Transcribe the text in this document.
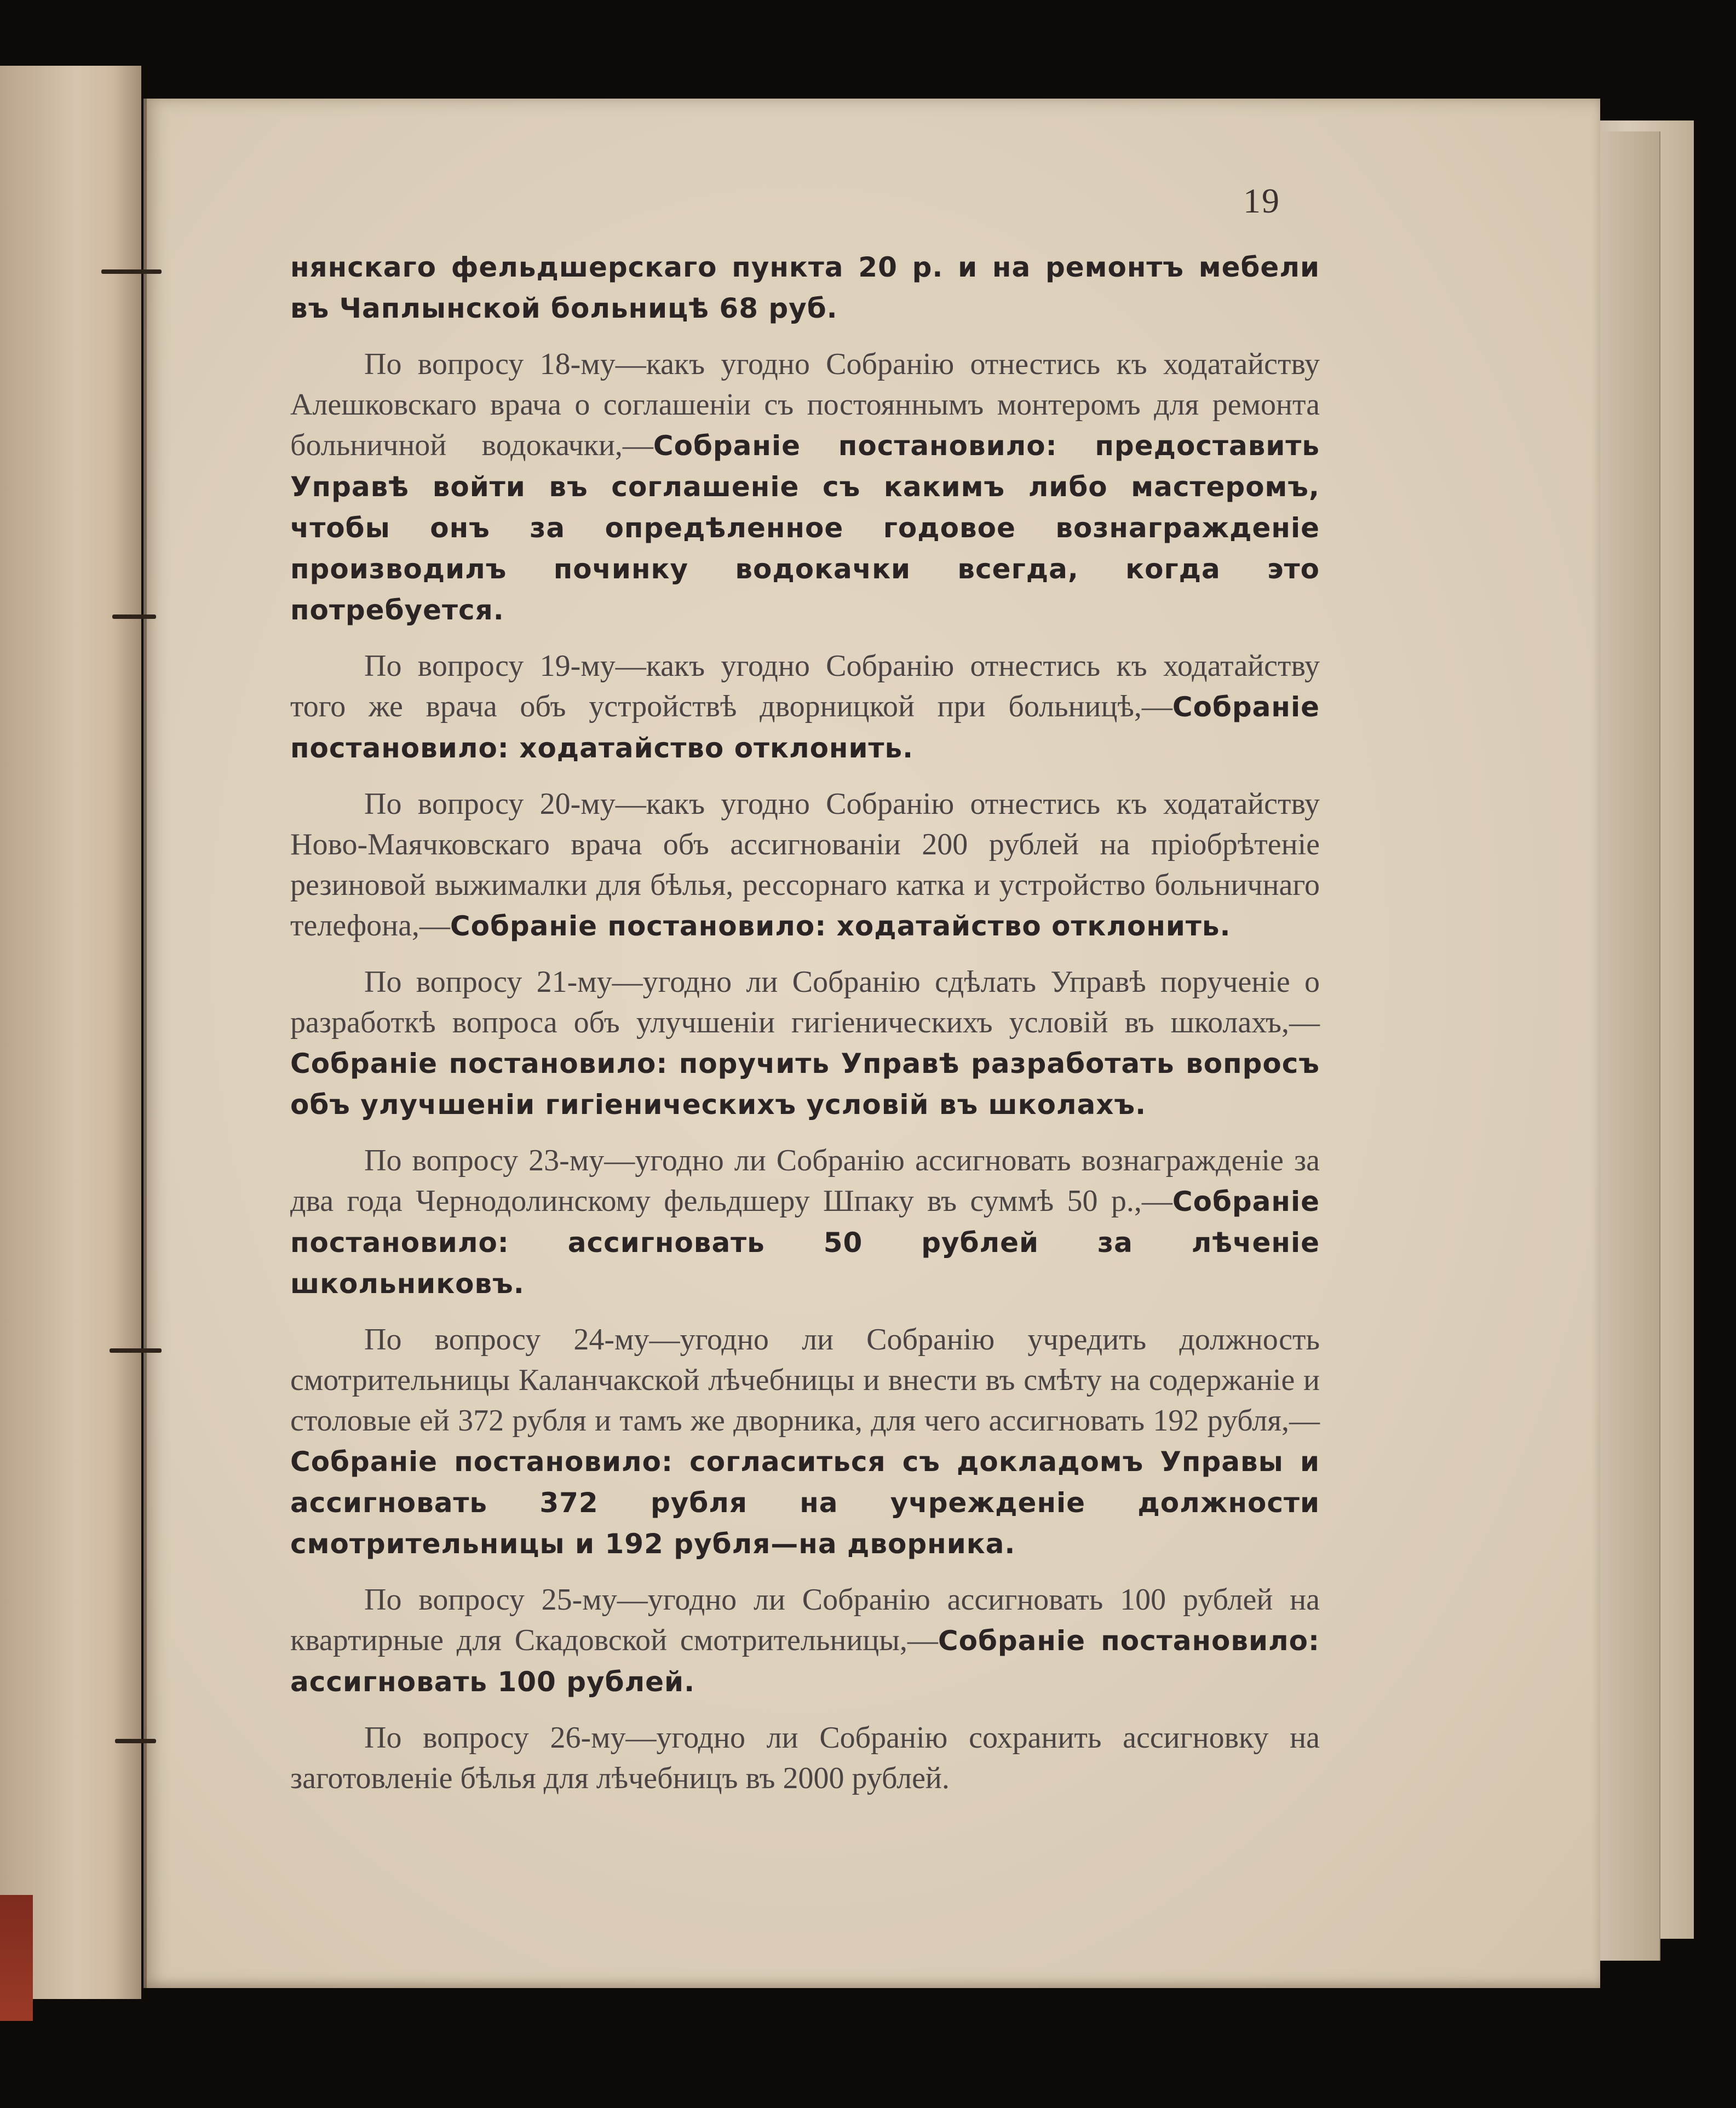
19

нянскаго фельдшерскаго пункта 20 р. и на ремонтъ мебели въ Чаплынской больницѣ 68 руб.

По вопросу 18-му—какъ угодно Собранію отнестись къ ходатайству Алешковскаго врача о соглашеніи съ постояннымъ монтеромъ для ремонта больничной водокачки,—Собраніе постановило: предоставить Управѣ войти въ соглашеніе съ какимъ либо мастеромъ, чтобы онъ за опредѣленное годовое вознагражденіе производилъ починку водокачки всегда, когда это потребуется.

По вопросу 19-му—какъ угодно Собранію отнестись къ ходатайству того же врача объ устройствѣ дворницкой при больницѣ,—Собраніе постановило: ходатайство отклонить.

По вопросу 20-му—какъ угодно Собранію отнестись къ ходатайству Ново-Маячковскаго врача объ ассигнованіи 200 рублей на пріобрѣтеніе резиновой выжималки для бѣлья, рессорнаго катка и устройство больничнаго телефона,—Собраніе постановило: ходатайство отклонить.

По вопросу 21-му—угодно ли Собранію сдѣлать Управѣ порученіе о разработкѣ вопроса объ улучшеніи гигіеническихъ условій въ школахъ,—Собраніе постановило: поручить Управѣ разработать вопросъ объ улучшеніи гигіеническихъ условій въ школахъ.

По вопросу 23-му—угодно ли Собранію ассигновать вознагражденіе за два года Чернодолинскому фельдшеру Шпаку въ суммѣ 50 р.,—Собраніе постановило: ассигновать 50 рублей за лѣченіе школьниковъ.

По вопросу 24-му—угодно ли Собранію учредить должность смотрительницы Каланчакской лѣчебницы и внести въ смѣту на содержаніе и столовые ей 372 рубля и тамъ же дворника, для чего ассигновать 192 рубля,—Собраніе постановило: согласиться съ докладомъ Управы и ассигновать 372 рубля на учрежденіе должности смотрительницы и 192 рубля—на дворника.

По вопросу 25-му—угодно ли Собранію ассигновать 100 рублей на квартирные для Скадовской смотрительницы,—Собраніе постановило: ассигновать 100 рублей.

По вопросу 26-му—угодно ли Собранію сохранить ассигновку на заготовленіе бѣлья для лѣчебницъ въ 2000 рублей.
